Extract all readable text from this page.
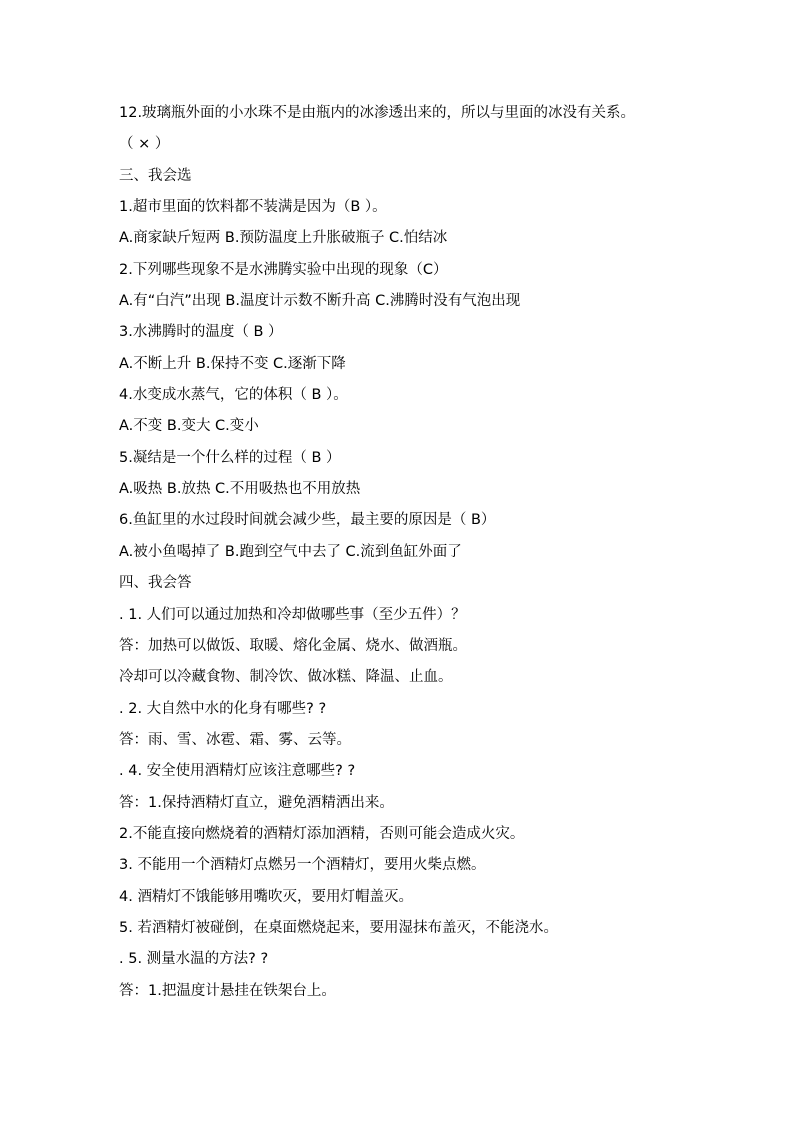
12.玻璃瓶外面的小水珠不是由瓶内的冰渗透出来的，所以与里面的冰没有关系。
（ × ）
三、我会选
1.超市里面的饮料都不装满是因为（B ）。
A.商家缺斤短两 B.预防温度上升胀破瓶子 C.怕结冰
2.下列哪些现象不是水沸腾实验中出现的现象（C）
A.有“白汽”出现 B.温度计示数不断升高 C.沸腾时没有气泡出现
3.水沸腾时的温度（ B ）
A.不断上升 B.保持不变 C.逐渐下降
4.水变成水蒸气，它的体积（ B ）。
A.不变 B.变大 C.变小
5.凝结是一个什么样的过程（ B ）
A.吸热 B.放热 C.不用吸热也不用放热
6.鱼缸里的水过段时间就会减少些，最主要的原因是（ B）
A.被小鱼喝掉了 B.跑到空气中去了 C.流到鱼缸外面了
四、我会答
. 1. 人们可以通过加热和冷却做哪些事（至少五件）？
答：加热可以做饭、取暖、熔化金属、烧水、做酒瓶。
冷却可以冷藏食物、制冷饮、做冰糕、降温、止血。
. 2. 大自然中水的化身有哪些? ?
答：雨、雪、冰雹、霜、雾、云等。
. 4. 安全使用酒精灯应该注意哪些? ?
答：1.保持酒精灯直立，避免酒精洒出来。
2.不能直接向燃烧着的酒精灯添加酒精，否则可能会造成火灾。
3. 不能用一个酒精灯点燃另一个酒精灯，要用火柴点燃。
4. 酒精灯不饿能够用嘴吹灭，要用灯帽盖灭。
5. 若酒精灯被碰倒，在桌面燃烧起来，要用湿抹布盖灭，不能浇水。
. 5. 测量水温的方法? ?
答：1.把温度计悬挂在铁架台上。
